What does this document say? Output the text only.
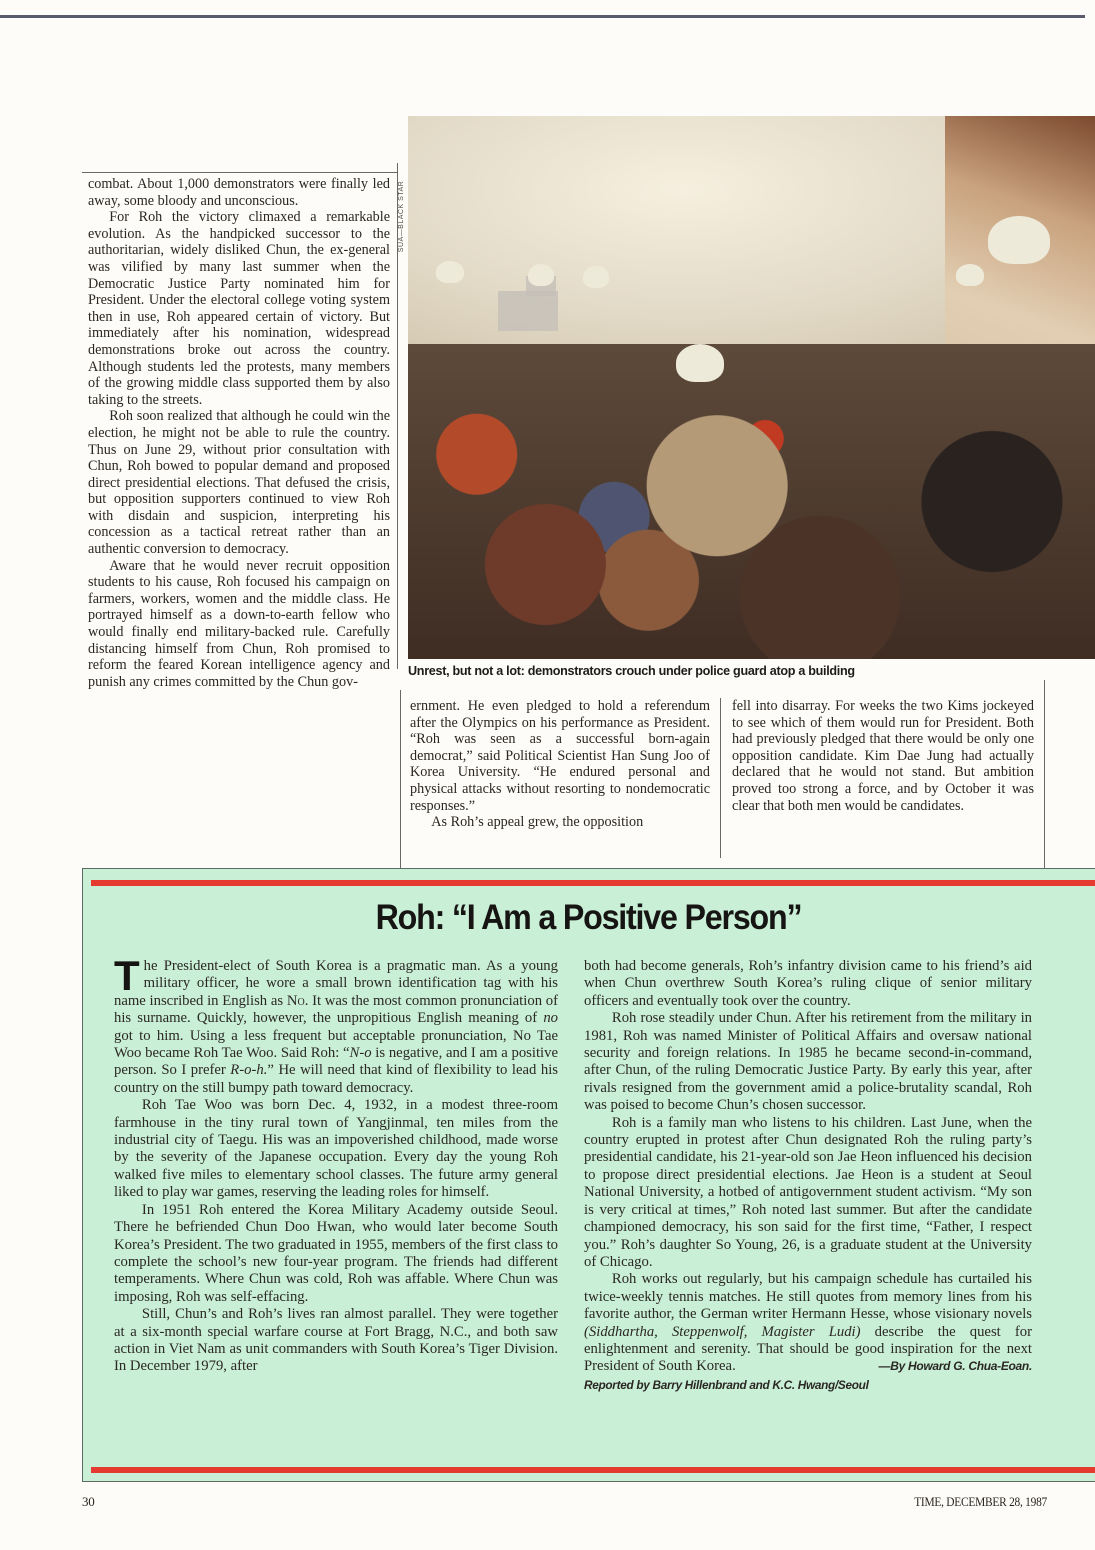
SUA—BLACK STAR

combat. About 1,000 demonstrators were finally led away, some bloody and unconscious.

For Roh the victory climaxed a remarkable evolution. As the handpicked successor to the authoritarian, widely disliked Chun, the ex-general was vilified by many last summer when the Democratic Justice Party nominated him for President. Under the electoral college voting system then in use, Roh appeared certain of victory. But immediately after his nomination, widespread demonstrations broke out across the country. Although students led the protests, many members of the growing middle class supported them by also taking to the streets.

Roh soon realized that although he could win the election, he might not be able to rule the country. Thus on June 29, without prior consultation with Chun, Roh bowed to popular demand and proposed direct presidential elections. That defused the crisis, but opposition supporters continued to view Roh with disdain and suspicion, interpreting his concession as a tactical retreat rather than an authentic conversion to democracy.

Aware that he would never recruit opposition students to his cause, Roh focused his campaign on farmers, workers, women and the middle class. He portrayed himself as a down-to-earth fellow who would finally end military-backed rule. Carefully distancing himself from Chun, Roh promised to reform the feared Korean intelligence agency and punish any crimes committed by the Chun gov-

Unrest, but not a lot: demonstrators crouch under police guard atop a building

ernment. He even pledged to hold a referendum after the Olympics on his performance as President. “Roh was seen as a successful born-again democrat,” said Political Scientist Han Sung Joo of Korea University. “He endured personal and physical attacks without resorting to nondemocratic responses.”

As Roh’s appeal grew, the opposition

fell into disarray. For weeks the two Kims jockeyed to see which of them would run for President. Both had previously pledged that there would be only one opposition candidate. Kim Dae Jung had actually declared that he would not stand. But ambition proved too strong a force, and by October it was clear that both men would be candidates.

Roh: “I Am a Positive Person”

The President-elect of South Korea is a pragmatic man. As a young military officer, he wore a small brown identification tag with his name inscribed in English as No. It was the most common pronunciation of his surname. Quickly, however, the unpropitious English meaning of no got to him. Using a less frequent but acceptable pronunciation, No Tae Woo became Roh Tae Woo. Said Roh: “N-o is negative, and I am a positive person. So I prefer R-o-h.” He will need that kind of flexibility to lead his country on the still bumpy path toward democracy.

Roh Tae Woo was born Dec. 4, 1932, in a modest three-room farmhouse in the tiny rural town of Yangjinmal, ten miles from the industrial city of Taegu. His was an impoverished childhood, made worse by the severity of the Japanese occupation. Every day the young Roh walked five miles to elementary school classes. The future army general liked to play war games, reserving the leading roles for himself.

In 1951 Roh entered the Korea Military Academy outside Seoul. There he befriended Chun Doo Hwan, who would later become South Korea’s President. The two graduated in 1955, members of the first class to complete the school’s new four-year program. The friends had different temperaments. Where Chun was cold, Roh was affable. Where Chun was imposing, Roh was self-effacing.

Still, Chun’s and Roh’s lives ran almost parallel. They were together at a six-month special warfare course at Fort Bragg, N.C., and both saw action in Viet Nam as unit commanders with South Korea’s Tiger Division. In December 1979, after

both had become generals, Roh’s infantry division came to his friend’s aid when Chun overthrew South Korea’s ruling clique of senior military officers and eventually took over the country.

Roh rose steadily under Chun. After his retirement from the military in 1981, Roh was named Minister of Political Affairs and oversaw national security and foreign relations. In 1985 he became second-in-command, after Chun, of the ruling Democratic Justice Party. By early this year, after rivals resigned from the government amid a police-brutality scandal, Roh was poised to become Chun’s chosen successor.

Roh is a family man who listens to his children. Last June, when the country erupted in protest after Chun designated Roh the ruling party’s presidential candidate, his 21-year-old son Jae Heon influenced his decision to propose direct presidential elections. Jae Heon is a student at Seoul National University, a hotbed of antigovernment student activism. “My son is very critical at times,” Roh noted last summer. But after the candidate championed democracy, his son said for the first time, “Father, I respect you.” Roh’s daughter So Young, 26, is a graduate student at the University of Chicago.

Roh works out regularly, but his campaign schedule has curtailed his twice-weekly tennis matches. He still quotes from memory lines from his favorite author, the German writer Hermann Hesse, whose visionary novels (Siddhartha, Steppenwolf, Magister Ludi) describe the quest for enlightenment and serenity. That should be good inspiration for the next President of South Korea.	—By Howard G. Chua-Eoan.

Reported by Barry Hillenbrand and K.C. Hwang/Seoul
30	TIME, DECEMBER 28, 1987
